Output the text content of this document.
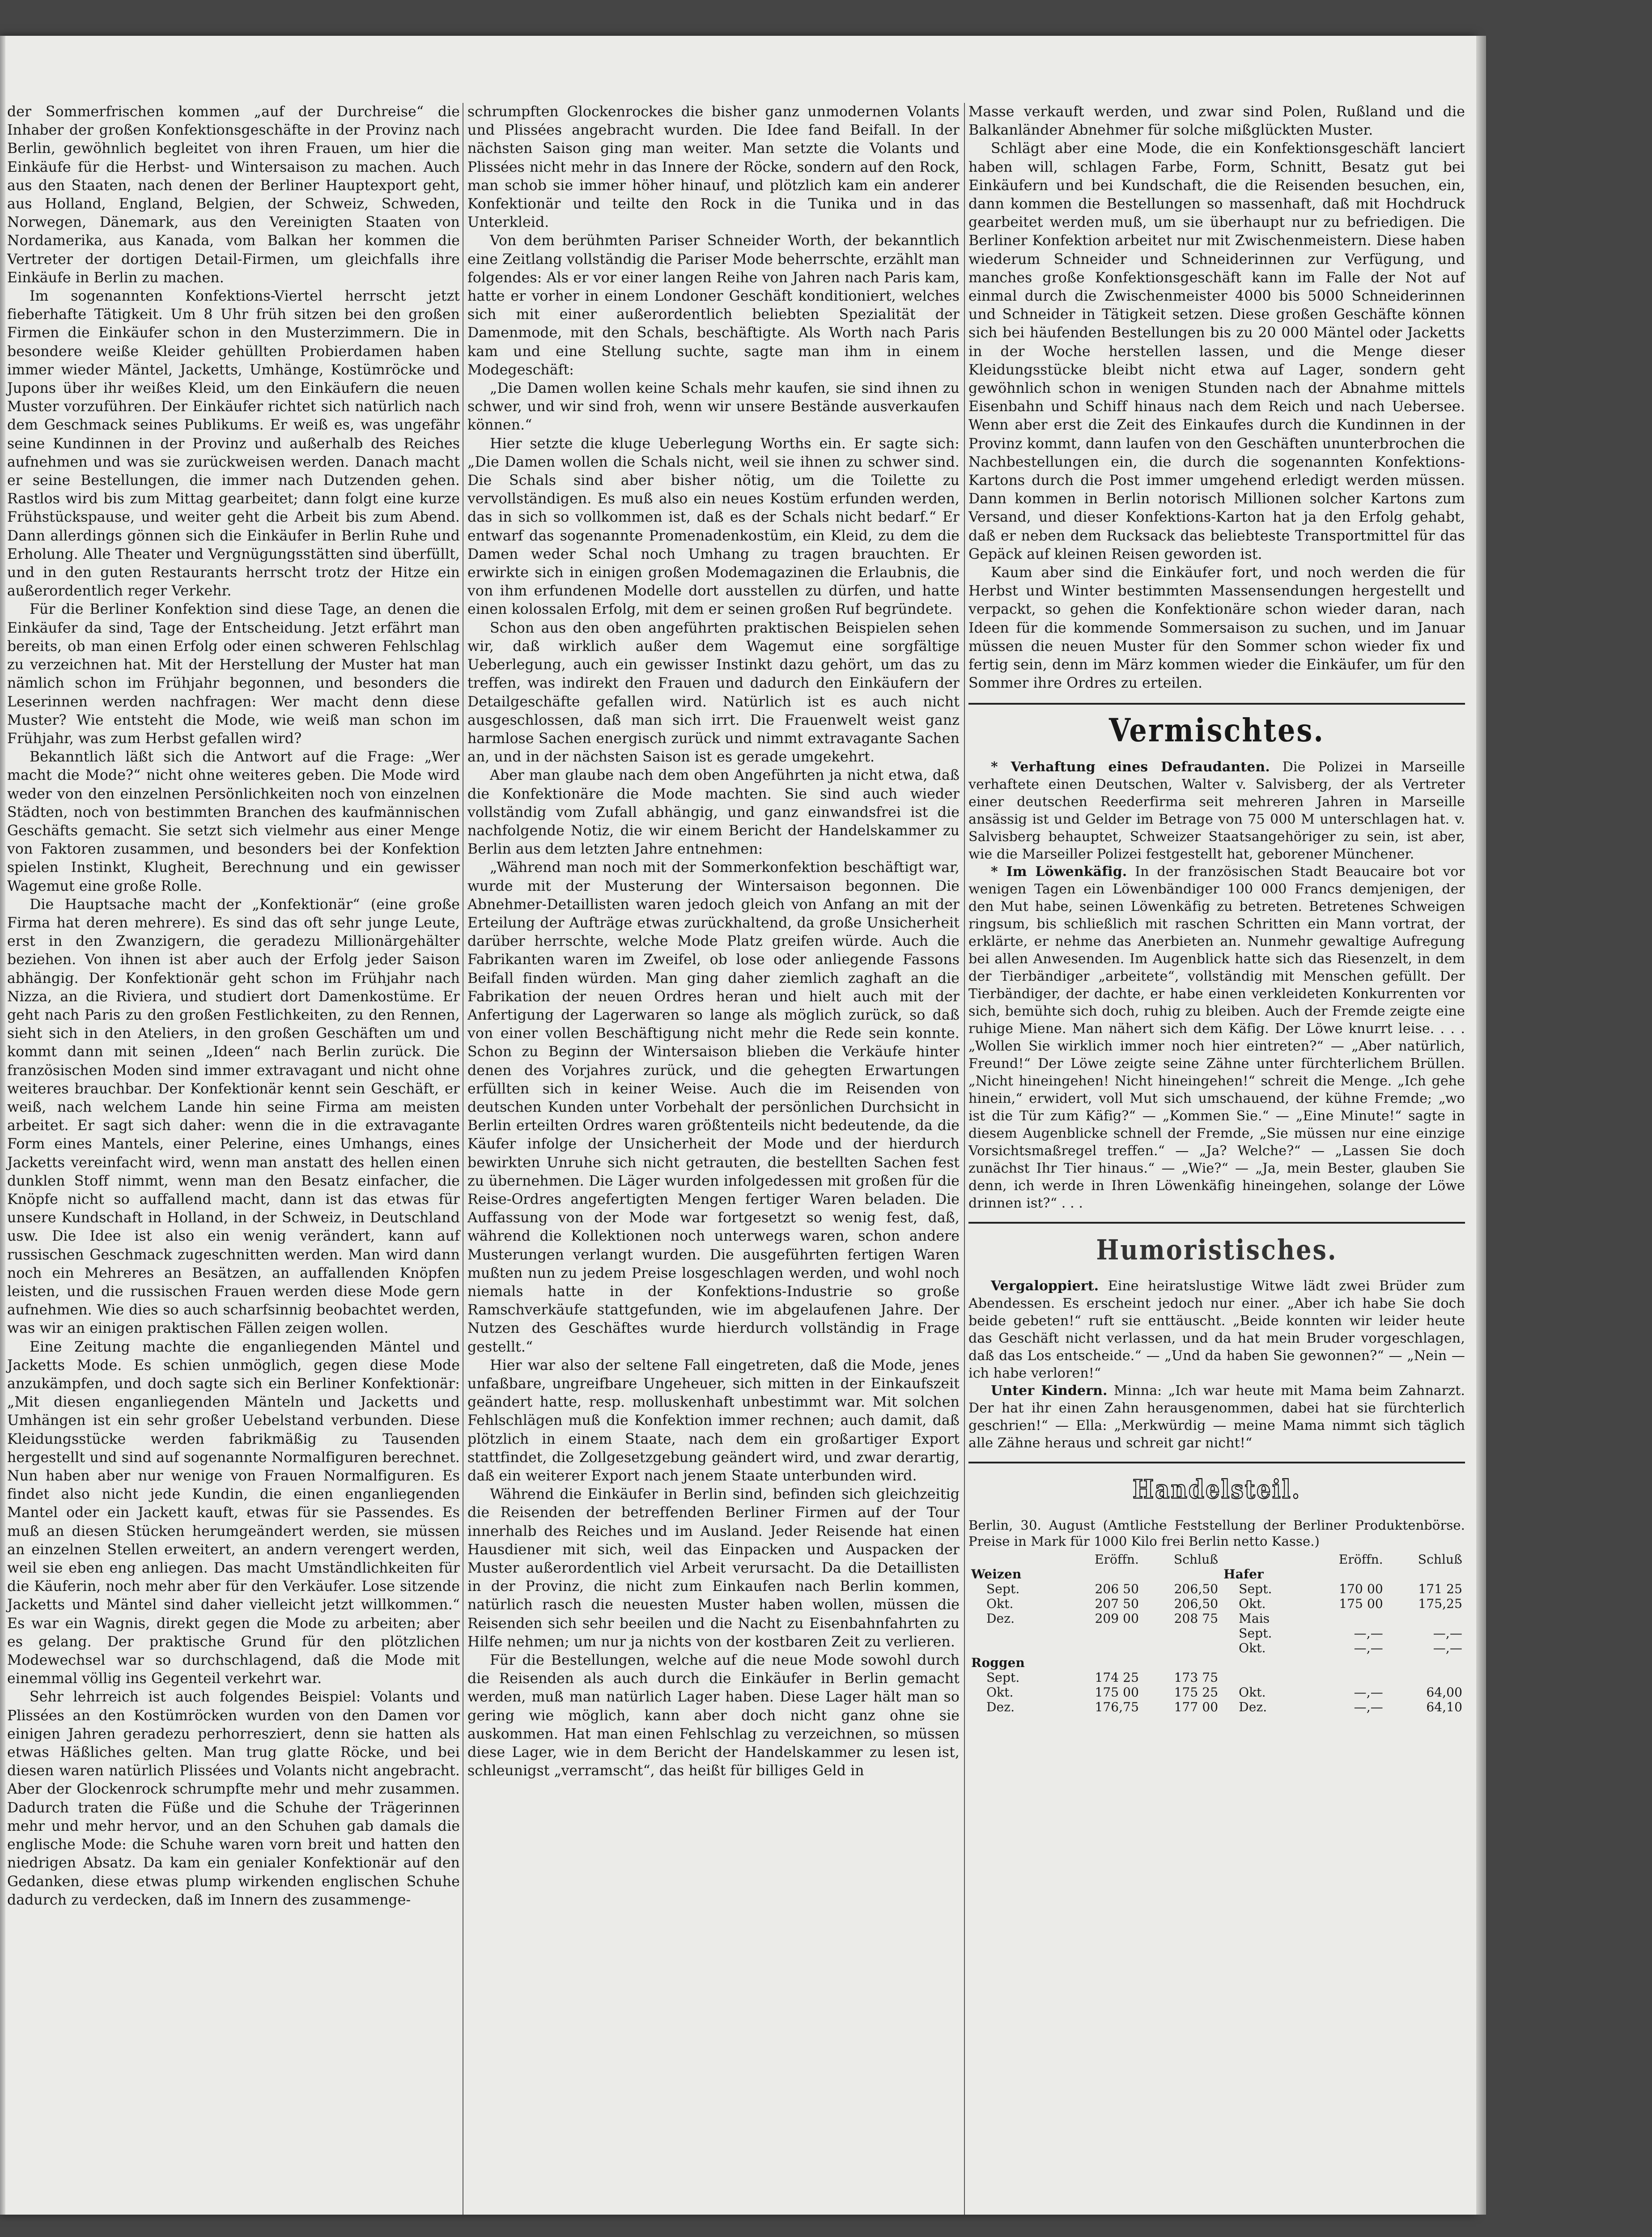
der Sommerfrischen kommen „auf der Durchreise“ die Inhaber der großen Konfektionsgeschäfte in der Provinz nach Berlin, gewöhnlich begleitet von ihren Frauen, um hier die Einkäufe für die Herbst- und Wintersaison zu machen. Auch aus den Staaten, nach denen der Berliner Hauptexport geht, aus Holland, England, Belgien, der Schweiz, Schweden, Norwegen, Dänemark, aus den Vereinigten Staaten von Nordamerika, aus Kanada, vom Balkan her kommen die Vertreter der dortigen Detail-Firmen, um gleichfalls ihre Einkäufe in Berlin zu machen.

Im sogenannten Konfektions-Viertel herrscht jetzt fieberhafte Tätigkeit. Um 8 Uhr früh sitzen bei den großen Firmen die Einkäufer schon in den Musterzimmern. Die in besondere weiße Kleider gehüllten Probierdamen haben immer wieder Mäntel, Jacketts, Umhänge, Kostümröcke und Jupons über ihr weißes Kleid, um den Einkäufern die neuen Muster vorzuführen. Der Einkäufer richtet sich natürlich nach dem Geschmack seines Publikums. Er weiß es, was ungefähr seine Kundinnen in der Provinz und außerhalb des Reiches aufnehmen und was sie zurückweisen werden. Danach macht er seine Bestellungen, die immer nach Dutzenden gehen. Rastlos wird bis zum Mittag gearbeitet; dann folgt eine kurze Frühstückspause, und weiter geht die Arbeit bis zum Abend. Dann allerdings gönnen sich die Einkäufer in Berlin Ruhe und Erholung. Alle Theater und Vergnügungsstätten sind überfüllt, und in den guten Restaurants herrscht trotz der Hitze ein außerordentlich reger Verkehr.

Für die Berliner Konfektion sind diese Tage, an denen die Einkäufer da sind, Tage der Entscheidung. Jetzt erfährt man bereits, ob man einen Erfolg oder einen schweren Fehlschlag zu verzeichnen hat. Mit der Herstellung der Muster hat man nämlich schon im Frühjahr begonnen, und besonders die Leserinnen werden nachfragen: Wer macht denn diese Muster? Wie entsteht die Mode, wie weiß man schon im Frühjahr, was zum Herbst gefallen wird?

Bekanntlich läßt sich die Antwort auf die Frage: „Wer macht die Mode?“ nicht ohne weiteres geben. Die Mode wird weder von den einzelnen Persönlichkeiten noch von einzelnen Städten, noch von bestimmten Branchen des kaufmännischen Geschäfts gemacht. Sie setzt sich vielmehr aus einer Menge von Faktoren zusammen, und besonders bei der Konfektion spielen Instinkt, Klugheit, Berechnung und ein gewisser Wagemut eine große Rolle.

Die Hauptsache macht der „Konfektionär“ (eine große Firma hat deren mehrere). Es sind das oft sehr junge Leute, erst in den Zwanzigern, die geradezu Millionärgehälter beziehen. Von ihnen ist aber auch der Erfolg jeder Saison abhängig. Der Konfektionär geht schon im Frühjahr nach Nizza, an die Riviera, und studiert dort Damenkostüme. Er geht nach Paris zu den großen Festlichkeiten, zu den Rennen, sieht sich in den Ateliers, in den großen Geschäften um und kommt dann mit seinen „Ideen“ nach Berlin zurück. Die französischen Moden sind immer extravagant und nicht ohne weiteres brauchbar. Der Konfektionär kennt sein Geschäft, er weiß, nach welchem Lande hin seine Firma am meisten arbeitet. Er sagt sich daher: wenn die in die extravagante Form eines Mantels, einer Pelerine, eines Umhangs, eines Jacketts vereinfacht wird, wenn man anstatt des hellen einen dunklen Stoff nimmt, wenn man den Besatz einfacher, die Knöpfe nicht so auffallend macht, dann ist das etwas für unsere Kundschaft in Holland, in der Schweiz, in Deutschland usw. Die Idee ist also ein wenig verändert, kann auf russischen Geschmack zugeschnitten werden. Man wird dann noch ein Mehreres an Besätzen, an auffallenden Knöpfen leisten, und die russischen Frauen werden diese Mode gern aufnehmen. Wie dies so auch scharfsinnig beobachtet werden, was wir an einigen praktischen Fällen zeigen wollen.

Eine Zeitung machte die enganliegenden Mäntel und Jacketts Mode. Es schien unmöglich, gegen diese Mode anzukämpfen, und doch sagte sich ein Berliner Konfektionär: „Mit diesen enganliegenden Mänteln und Jacketts und Umhängen ist ein sehr großer Uebelstand verbunden. Diese Kleidungsstücke werden fabrikmäßig zu Tausenden hergestellt und sind auf sogenannte Normalfiguren berechnet. Nun haben aber nur wenige von Frauen Normalfiguren. Es findet also nicht jede Kundin, die einen enganliegenden Mantel oder ein Jackett kauft, etwas für sie Passendes. Es muß an diesen Stücken herumgeändert werden, sie müssen an einzelnen Stellen erweitert, an andern verengert werden, weil sie eben eng anliegen. Das macht Umständlichkeiten für die Käuferin, noch mehr aber für den Verkäufer. Lose sitzende Jacketts und Mäntel sind daher vielleicht jetzt willkommen.“ Es war ein Wagnis, direkt gegen die Mode zu arbeiten; aber es gelang. Der praktische Grund für den plötzlichen Modewechsel war so durchschlagend, daß die Mode mit einemmal völlig ins Gegenteil verkehrt war.

Sehr lehrreich ist auch folgendes Beispiel: Volants und Plissées an den Kostümröcken wurden von den Damen vor einigen Jahren geradezu perhorresziert, denn sie hatten als etwas Häßliches gelten. Man trug glatte Röcke, und bei diesen waren natürlich Plissées und Volants nicht angebracht. Aber der Glockenrock schrumpfte mehr und mehr zusammen. Dadurch traten die Füße und die Schuhe der Trägerinnen mehr und mehr hervor, und an den Schuhen gab damals die englische Mode: die Schuhe waren vorn breit und hatten den niedrigen Absatz. Da kam ein genialer Konfektionär auf den Gedanken, diese etwas plump wirkenden englischen Schuhe dadurch zu verdecken, daß im Innern des zusammenge-

schrumpften Glockenrockes die bisher ganz unmodernen Volants und Plissées angebracht wurden. Die Idee fand Beifall. In der nächsten Saison ging man weiter. Man setzte die Volants und Plissées nicht mehr in das Innere der Röcke, sondern auf den Rock, man schob sie immer höher hinauf, und plötzlich kam ein anderer Konfektionär und teilte den Rock in die Tunika und in das Unterkleid.

Von dem berühmten Pariser Schneider Worth, der bekanntlich eine Zeitlang vollständig die Pariser Mode beherrschte, erzählt man folgendes: Als er vor einer langen Reihe von Jahren nach Paris kam, hatte er vorher in einem Londoner Geschäft konditioniert, welches sich mit einer außerordentlich beliebten Spezialität der Damenmode, mit den Schals, beschäftigte. Als Worth nach Paris kam und eine Stellung suchte, sagte man ihm in einem Modegeschäft:

„Die Damen wollen keine Schals mehr kaufen, sie sind ihnen zu schwer, und wir sind froh, wenn wir unsere Bestände ausverkaufen können.“

Hier setzte die kluge Ueberlegung Worths ein. Er sagte sich: „Die Damen wollen die Schals nicht, weil sie ihnen zu schwer sind. Die Schals sind aber bisher nötig, um die Toilette zu vervollständigen. Es muß also ein neues Kostüm erfunden werden, das in sich so vollkommen ist, daß es der Schals nicht bedarf.“ Er entwarf das sogenannte Promenadenkostüm, ein Kleid, zu dem die Damen weder Schal noch Umhang zu tragen brauchten. Er erwirkte sich in einigen großen Modemagazinen die Erlaubnis, die von ihm erfundenen Modelle dort ausstellen zu dürfen, und hatte einen kolossalen Erfolg, mit dem er seinen großen Ruf begründete.

Schon aus den oben angeführten praktischen Beispielen sehen wir, daß wirklich außer dem Wagemut eine sorgfältige Ueberlegung, auch ein gewisser Instinkt dazu gehört, um das zu treffen, was indirekt den Frauen und dadurch den Einkäufern der Detailgeschäfte gefallen wird. Natürlich ist es auch nicht ausgeschlossen, daß man sich irrt. Die Frauenwelt weist ganz harmlose Sachen energisch zurück und nimmt extravagante Sachen an, und in der nächsten Saison ist es gerade umgekehrt.

Aber man glaube nach dem oben Angeführten ja nicht etwa, daß die Konfektionäre die Mode machten. Sie sind auch wieder vollständig vom Zufall abhängig, und ganz einwandsfrei ist die nachfolgende Notiz, die wir einem Bericht der Handelskammer zu Berlin aus dem letzten Jahre entnehmen:

„Während man noch mit der Sommerkonfektion beschäftigt war, wurde mit der Musterung der Wintersaison begonnen. Die Abnehmer-Detaillisten waren jedoch gleich von Anfang an mit der Erteilung der Aufträge etwas zurückhaltend, da große Unsicherheit darüber herrschte, welche Mode Platz greifen würde. Auch die Fabrikanten waren im Zweifel, ob lose oder anliegende Fassons Beifall finden würden. Man ging daher ziemlich zaghaft an die Fabrikation der neuen Ordres heran und hielt auch mit der Anfertigung der Lagerwaren so lange als möglich zurück, so daß von einer vollen Beschäftigung nicht mehr die Rede sein konnte. Schon zu Beginn der Wintersaison blieben die Verkäufe hinter denen des Vorjahres zurück, und die gehegten Erwartungen erfüllten sich in keiner Weise. Auch die im Reisenden von deutschen Kunden unter Vorbehalt der persönlichen Durchsicht in Berlin erteilten Ordres waren größtenteils nicht bedeutende, da die Käufer infolge der Unsicherheit der Mode und der hierdurch bewirkten Unruhe sich nicht getrauten, die bestellten Sachen fest zu übernehmen. Die Läger wurden infolgedessen mit großen für die Reise-Ordres angefertigten Mengen fertiger Waren beladen. Die Auffassung von der Mode war fortgesetzt so wenig fest, daß, während die Kollektionen noch unterwegs waren, schon andere Musterungen verlangt wurden. Die ausgeführten fertigen Waren mußten nun zu jedem Preise losgeschlagen werden, und wohl noch niemals hatte in der Konfektions-Industrie so große Ramschverkäufe stattgefunden, wie im abgelaufenen Jahre. Der Nutzen des Geschäftes wurde hierdurch vollständig in Frage gestellt.“

Hier war also der seltene Fall eingetreten, daß die Mode, jenes unfaßbare, ungreifbare Ungeheuer, sich mitten in der Einkaufszeit geändert hatte, resp. molluskenhaft unbestimmt war. Mit solchen Fehlschlägen muß die Konfektion immer rechnen; auch damit, daß plötzlich in einem Staate, nach dem ein großartiger Export stattfindet, die Zollgesetzgebung geändert wird, und zwar derartig, daß ein weiterer Export nach jenem Staate unterbunden wird.

Während die Einkäufer in Berlin sind, befinden sich gleichzeitig die Reisenden der betreffenden Berliner Firmen auf der Tour innerhalb des Reiches und im Ausland. Jeder Reisende hat einen Hausdiener mit sich, weil das Einpacken und Auspacken der Muster außerordentlich viel Arbeit verursacht. Da die Detaillisten in der Provinz, die nicht zum Einkaufen nach Berlin kommen, natürlich rasch die neuesten Muster haben wollen, müssen die Reisenden sich sehr beeilen und die Nacht zu Eisenbahnfahrten zu Hilfe nehmen; um nur ja nichts von der kostbaren Zeit zu verlieren.

Für die Bestellungen, welche auf die neue Mode sowohl durch die Reisenden als auch durch die Einkäufer in Berlin gemacht werden, muß man natürlich Lager haben. Diese Lager hält man so gering wie möglich, kann aber doch nicht ganz ohne sie auskommen. Hat man einen Fehlschlag zu verzeichnen, so müssen diese Lager, wie in dem Bericht der Handelskammer zu lesen ist, schleunigst „verramscht“, das heißt für billiges Geld in

Masse verkauft werden, und zwar sind Polen, Rußland und die Balkanländer Abnehmer für solche mißglückten Muster.

Schlägt aber eine Mode, die ein Konfektionsgeschäft lanciert haben will, schlagen Farbe, Form, Schnitt, Besatz gut bei Einkäufern und bei Kundschaft, die die Reisenden besuchen, ein, dann kommen die Bestellungen so massenhaft, daß mit Hochdruck gearbeitet werden muß, um sie überhaupt nur zu befriedigen. Die Berliner Konfektion arbeitet nur mit Zwischenmeistern. Diese haben wiederum Schneider und Schneiderinnen zur Verfügung, und manches große Konfektionsgeschäft kann im Falle der Not auf einmal durch die Zwischenmeister 4000 bis 5000 Schneiderinnen und Schneider in Tätigkeit setzen. Diese großen Geschäfte können sich bei häufenden Bestellungen bis zu 20 000 Mäntel oder Jacketts in der Woche herstellen lassen, und die Menge dieser Kleidungsstücke bleibt nicht etwa auf Lager, sondern geht gewöhnlich schon in wenigen Stunden nach der Abnahme mittels Eisenbahn und Schiff hinaus nach dem Reich und nach Uebersee. Wenn aber erst die Zeit des Einkaufes durch die Kundinnen in der Provinz kommt, dann laufen von den Geschäften ununterbrochen die Nachbestellungen ein, die durch die sogenannten Konfektions-Kartons durch die Post immer umgehend erledigt werden müssen. Dann kommen in Berlin notorisch Millionen solcher Kartons zum Versand, und dieser Konfektions-Karton hat ja den Erfolg gehabt, daß er neben dem Rucksack das beliebteste Transportmittel für das Gepäck auf kleinen Reisen geworden ist.

Kaum aber sind die Einkäufer fort, und noch werden die für Herbst und Winter bestimmten Massensendungen hergestellt und verpackt, so gehen die Konfektionäre schon wieder daran, nach Ideen für die kommende Sommersaison zu suchen, und im Januar müssen die neuen Muster für den Sommer schon wieder fix und fertig sein, denn im März kommen wieder die Einkäufer, um für den Sommer ihre Ordres zu erteilen.

Vermischtes.

* Verhaftung eines Defraudanten. Die Polizei in Marseille verhaftete einen Deutschen, Walter v. Salvisberg, der als Vertreter einer deutschen Reederfirma seit mehreren Jahren in Marseille ansässig ist und Gelder im Betrage von 75 000 M unterschlagen hat. v. Salvisberg behauptet, Schweizer Staatsangehöriger zu sein, ist aber, wie die Marseiller Polizei festgestellt hat, geborener Münchener.

* Im Löwenkäfig. In der französischen Stadt Beaucaire bot vor wenigen Tagen ein Löwenbändiger 100 000 Francs demjenigen, der den Mut habe, seinen Löwenkäfig zu betreten. Betretenes Schweigen ringsum, bis schließlich mit raschen Schritten ein Mann vortrat, der erklärte, er nehme das Anerbieten an. Nunmehr gewaltige Aufregung bei allen Anwesenden. Im Augenblick hatte sich das Riesenzelt, in dem der Tierbändiger „arbeitete“, vollständig mit Menschen gefüllt. Der Tierbändiger, der dachte, er habe einen verkleideten Konkurrenten vor sich, bemühte sich doch, ruhig zu bleiben. Auch der Fremde zeigte eine ruhige Miene. Man nähert sich dem Käfig. Der Löwe knurrt leise. . . . „Wollen Sie wirklich immer noch hier eintreten?“ — „Aber natürlich, Freund!“ Der Löwe zeigte seine Zähne unter fürchterlichem Brüllen. „Nicht hineingehen! Nicht hineingehen!“ schreit die Menge. „Ich gehe hinein,“ erwidert, voll Mut sich umschauend, der kühne Fremde; „wo ist die Tür zum Käfig?“ — „Kommen Sie.“ — „Eine Minute!“ sagte in diesem Augenblicke schnell der Fremde, „Sie müssen nur eine einzige Vorsichtsmaßregel treffen.“ — „Ja? Welche?“ — „Lassen Sie doch zunächst Ihr Tier hinaus.“ — „Wie?“ — „Ja, mein Bester, glauben Sie denn, ich werde in Ihren Löwenkäfig hineingehen, solange der Löwe drinnen ist?“ . . .

Humoristisches.

Vergaloppiert. Eine heiratslustige Witwe lädt zwei Brüder zum Abendessen. Es erscheint jedoch nur einer. „Aber ich habe Sie doch beide gebeten!“ ruft sie enttäuscht. „Beide konnten wir leider heute das Geschäft nicht verlassen, und da hat mein Bruder vorgeschlagen, daß das Los entscheide.“ — „Und da haben Sie gewonnen?“ — „Nein — ich habe verloren!“

Unter Kindern. Minna: „Ich war heute mit Mama beim Zahnarzt. Der hat ihr einen Zahn herausgenommen, dabei hat sie fürchterlich geschrien!“ — Ella: „Merkwürdig — meine Mama nimmt sich täglich alle Zähne heraus und schreit gar nicht!“

Handelsteil.

Berlin, 30. August (Amtliche Feststellung der Berliner Produktenbörse. Preise in Mark für 1000 Kilo frei Berlin netto Kasse.)

	Eröffn.	Schluß		Eröffn.	Schluß
Weizen			Hafer		
Sept.	206 50	206,50	Sept.	170 00	171 25
Okt.	207 50	206,50	Okt.	175 00	175,25
Dez.	209 00	208 75	Mais		
			Sept.	—,—	—,—
			Okt.	—,—	—,—
Roggen					
Sept.	174 25	173 75			
Okt.	175 00	175 25	Okt.	—,—	64,00
Dez.	176,75	177 00	Dez.	—,—	64,10
